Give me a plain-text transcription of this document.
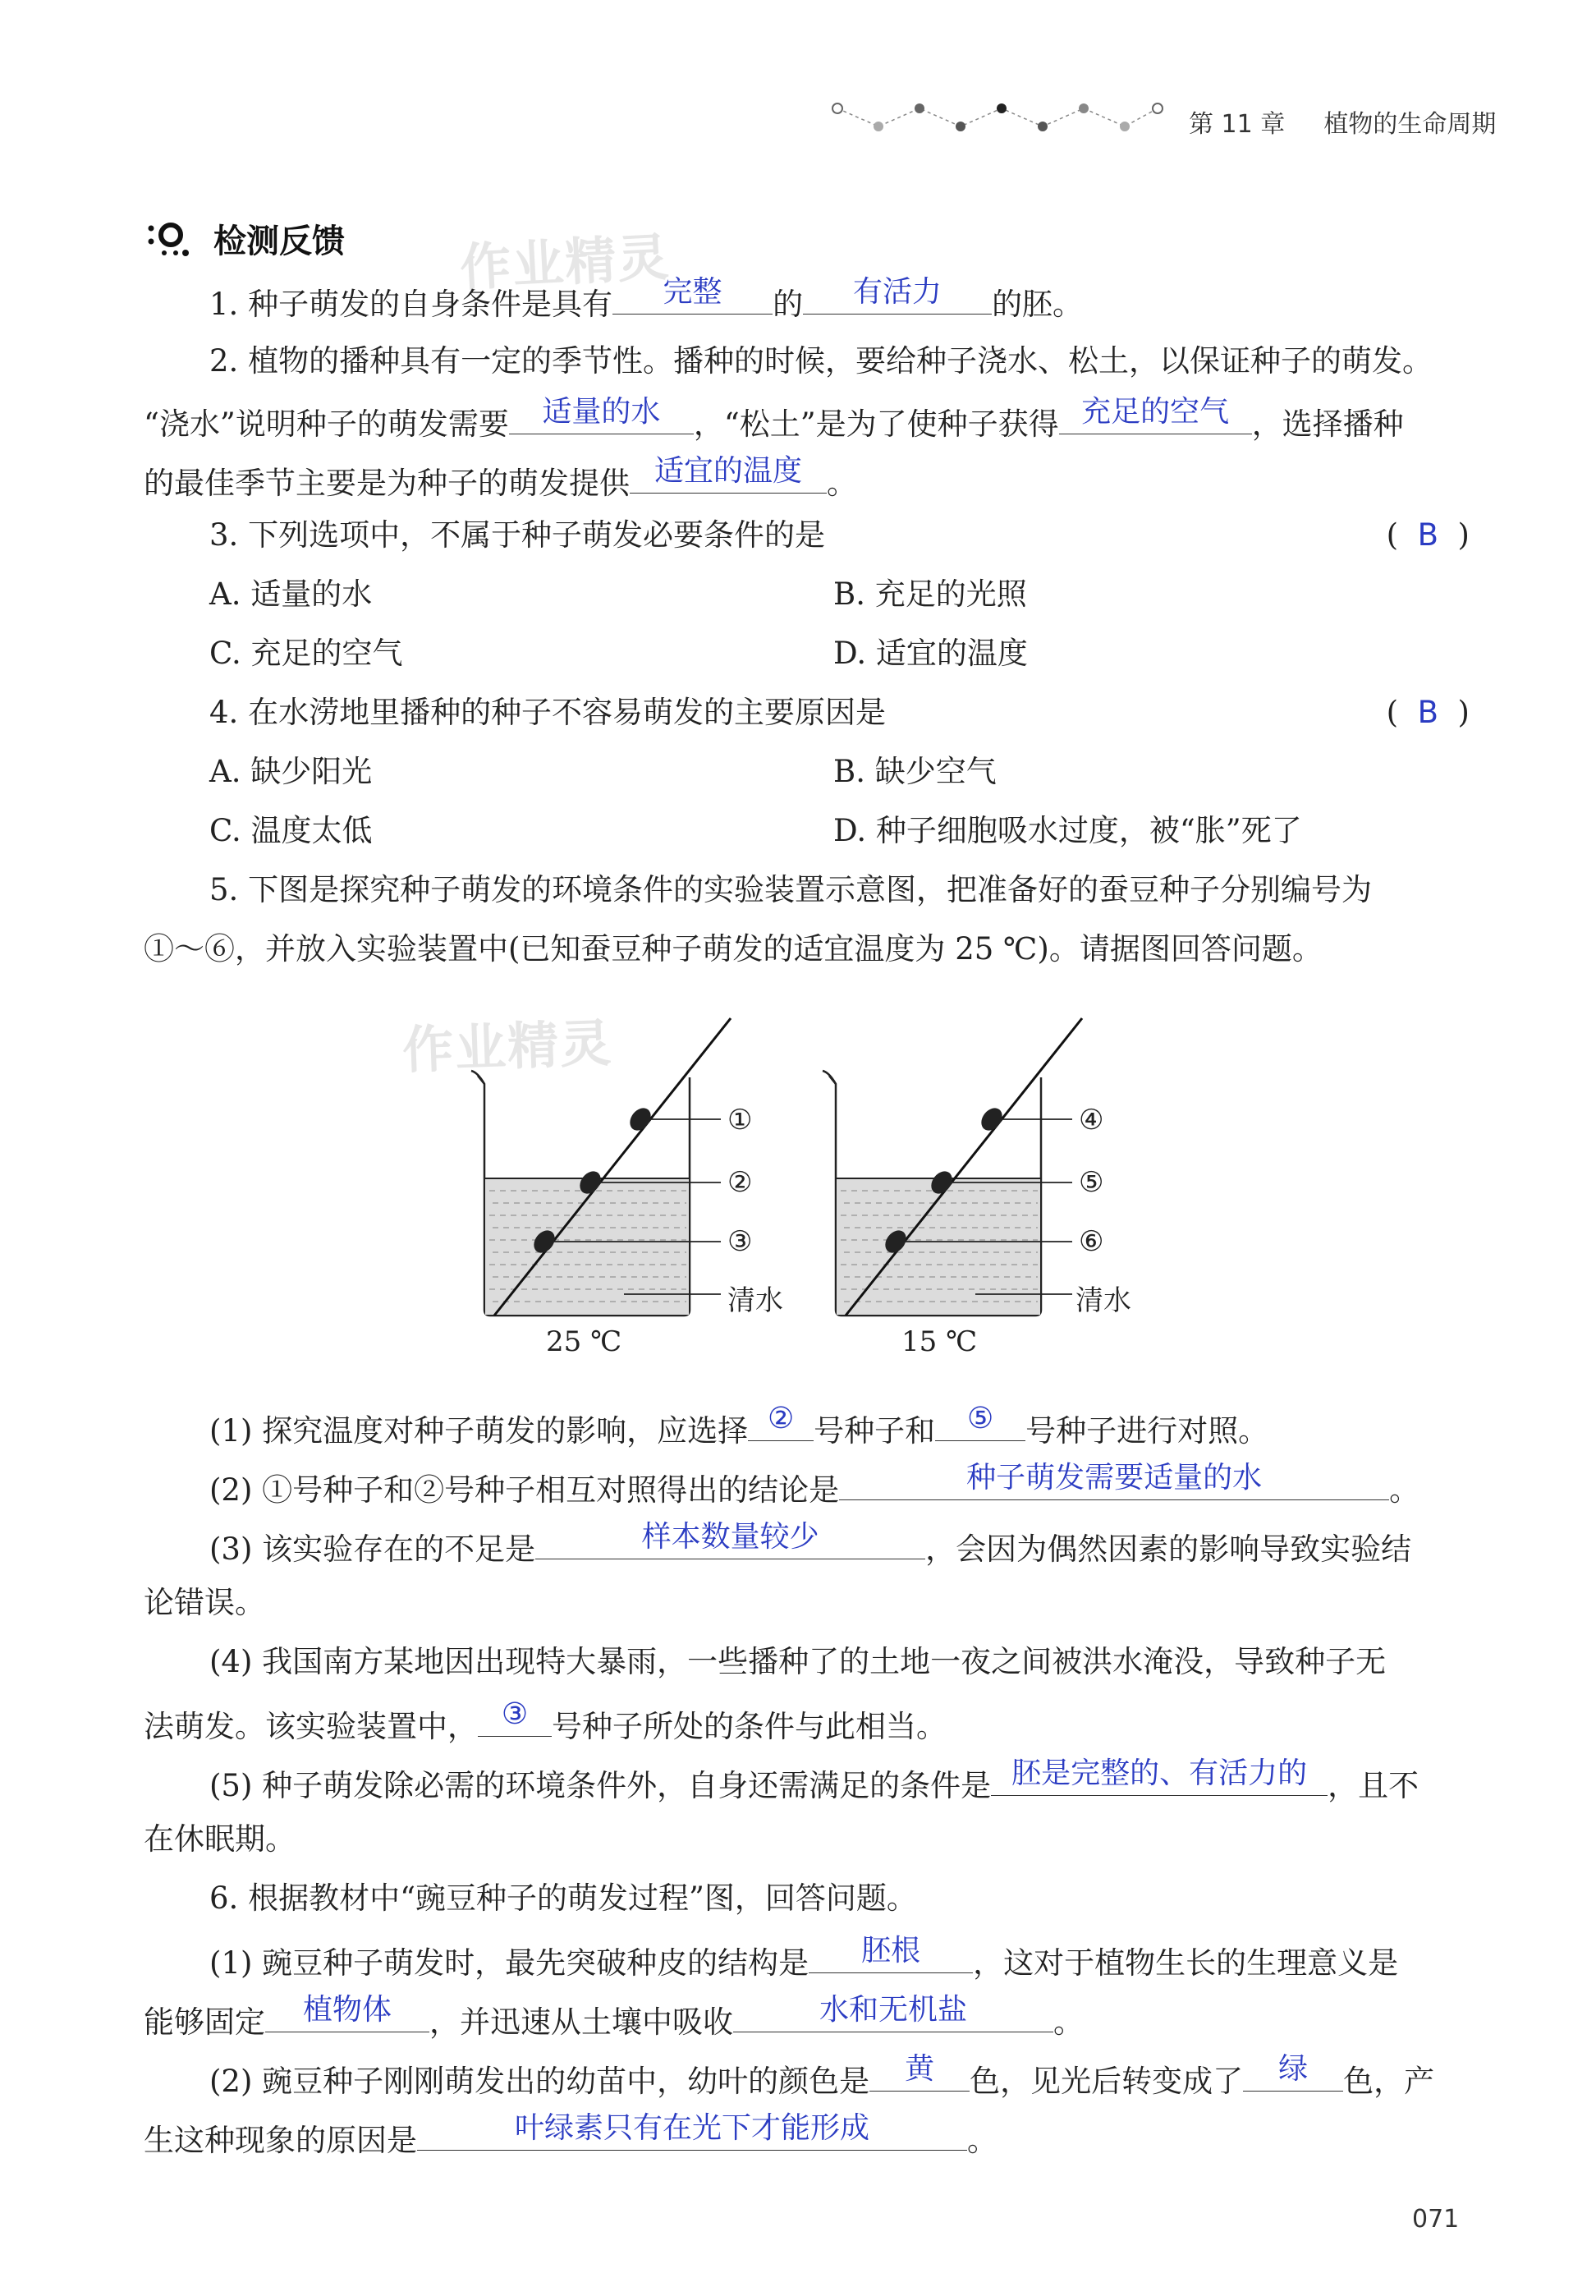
第 11 章 植物的生命周期
检测反馈 作业精灵
1. 种子萌发的自身条件是具有	完整	的	有活力	的胚。
2. 植物的播种具有一定的季节性。播种的时候，要给种子浇水、松土，以保证种子的萌发。
“浇水”说明种子的萌发需要	适量的水	，“松土”是为了使种子获得 充足的空气 ，选择播种
的最佳季节主要是为种子的萌发提供 适宜的温度 。
3. 下列选项中，不属于种子萌发必要条件的是	(  B  )
A. 适量的水	B. 充足的光照
C. 充足的空气	D. 适宜的温度
4. 在水涝地里播种的种子不容易萌发的主要原因是	(  B  )
A. 缺少阳光	B. 缺少空气
C. 温度太低	D. 种子细胞吸水过度，被“胀”死了
5. 下图是探究种子萌发的环境条件的实验装置示意图，把准备好的蚕豆种子分别编号为
①～⑥，并放入实验装置中(已知蚕豆种子萌发的适宜温度为 25 ℃)。请据图回答问题。
作业精灵
①
②
③
清水
25 ℃
④
⑤
⑥
清水
15 ℃
(1) 探究温度对种子萌发的影响，应选择 ② 号种子和	⑤	号种子进行对照。
(2) ①号种子和②号种子相互对照得出的结论是	种子萌发需要适量的水	。
(3) 该实验存在的不足是	样本数量较少	，会因为偶然因素的影响导致实验结
论错误。
(4) 我国南方某地因出现特大暴雨，一些播种了的土地一夜之间被洪水淹没，导致种子无
法萌发。该实验装置中， ③ 号种子所处的条件与此相当。
(5) 种子萌发除必需的环境条件外，自身还需满足的条件是 胚是完整的、有活力的 ，且不
在休眠期。
6. 根据教材中“豌豆种子的萌发过程”图，回答问题。
(1) 豌豆种子萌发时，最先突破种皮的结构是	胚根	，这对于植物生长的生理意义是
能够固定	植物体	，并迅速从土壤中吸收	水和无机盐	。
(2) 豌豆种子刚刚萌发出的幼苗中，幼叶的颜色是	黄	色，见光后转变成了	绿	色，产
生这种现象的原因是	叶绿素只有在光下才能形成	。
071
